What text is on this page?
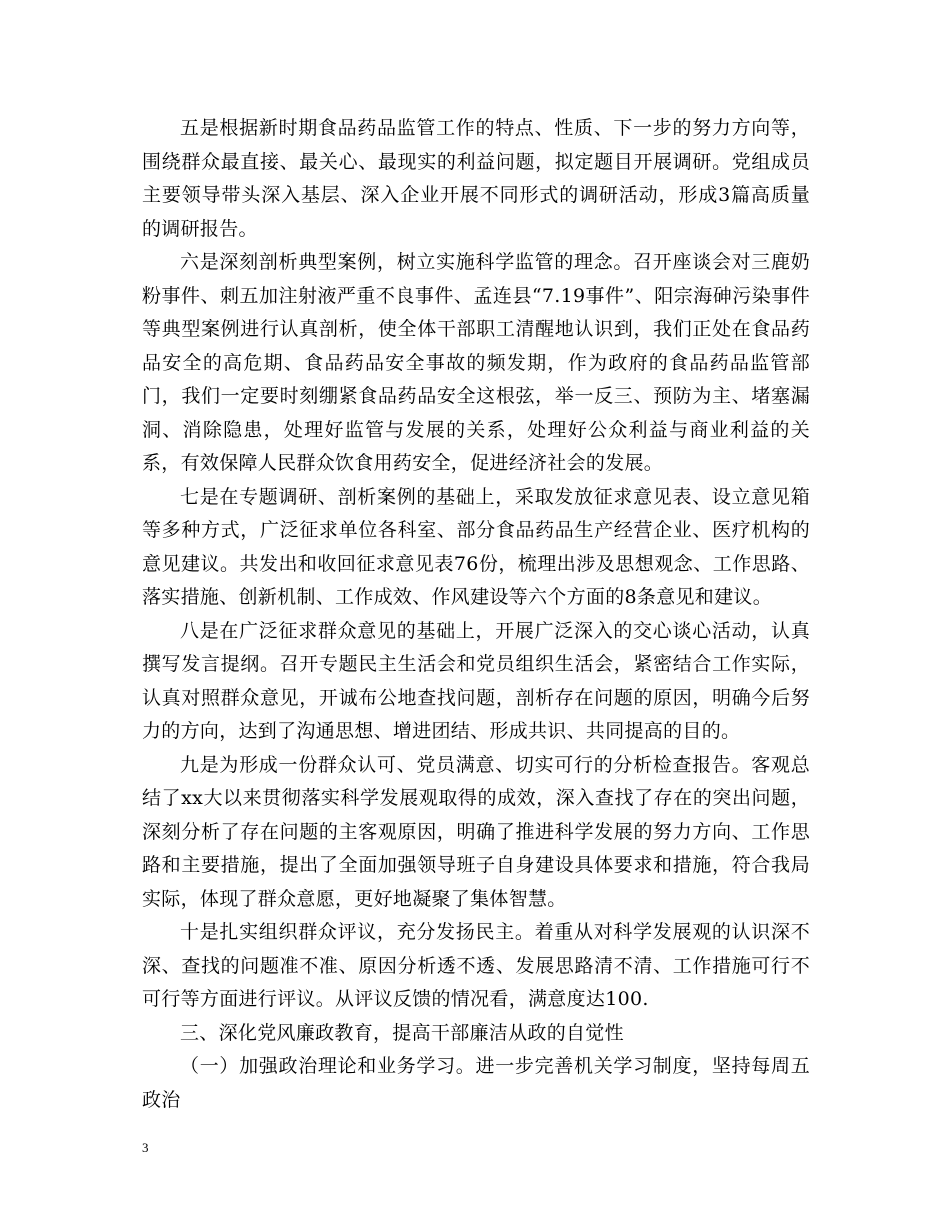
五是根据新时期食品药品监管工作的特点、性质、下一步的努力方向等，围绕群众最直接、最关心、最现实的利益问题，拟定题目开展调研。党组成员主要领导带头深入基层、深入企业开展不同形式的调研活动，形成3篇高质量的调研报告。

六是深刻剖析典型案例，树立实施科学监管的理念。召开座谈会对三鹿奶粉事件、刺五加注射液严重不良事件、孟连县“7.19事件”、阳宗海砷污染事件等典型案例进行认真剖析，使全体干部职工清醒地认识到，我们正处在食品药品安全的高危期、食品药品安全事故的频发期，作为政府的食品药品监管部门，我们一定要时刻绷紧食品药品安全这根弦，举一反三、预防为主、堵塞漏洞、消除隐患，处理好监管与发展的关系，处理好公众利益与商业利益的关系，有效保障人民群众饮食用药安全，促进经济社会的发展。

七是在专题调研、剖析案例的基础上，采取发放征求意见表、设立意见箱等多种方式，广泛征求单位各科室、部分食品药品生产经营企业、医疗机构的意见建议。共发出和收回征求意见表76份，梳理出涉及思想观念、工作思路、落实措施、创新机制、工作成效、作风建设等六个方面的8条意见和建议。

八是在广泛征求群众意见的基础上，开展广泛深入的交心谈心活动，认真撰写发言提纲。召开专题民主生活会和党员组织生活会，紧密结合工作实际，认真对照群众意见，开诚布公地查找问题，剖析存在问题的原因，明确今后努力的方向，达到了沟通思想、增进团结、形成共识、共同提高的目的。

九是为形成一份群众认可、党员满意、切实可行的分析检查报告。客观总结了xx大以来贯彻落实科学发展观取得的成效，深入查找了存在的突出问题，深刻分析了存在问题的主客观原因，明确了推进科学发展的努力方向、工作思路和主要措施，提出了全面加强领导班子自身建设具体要求和措施，符合我局实际，体现了群众意愿，更好地凝聚了集体智慧。

十是扎实组织群众评议，充分发扬民主。着重从对科学发展观的认识深不深、查找的问题准不准、原因分析透不透、发展思路清不清、工作措施可行不可行等方面进行评议。从评议反馈的情况看，满意度达100.

三、深化党风廉政教育，提高干部廉洁从政的自觉性

（一）加强政治理论和业务学习。进一步完善机关学习制度，坚持每周五政治

3
